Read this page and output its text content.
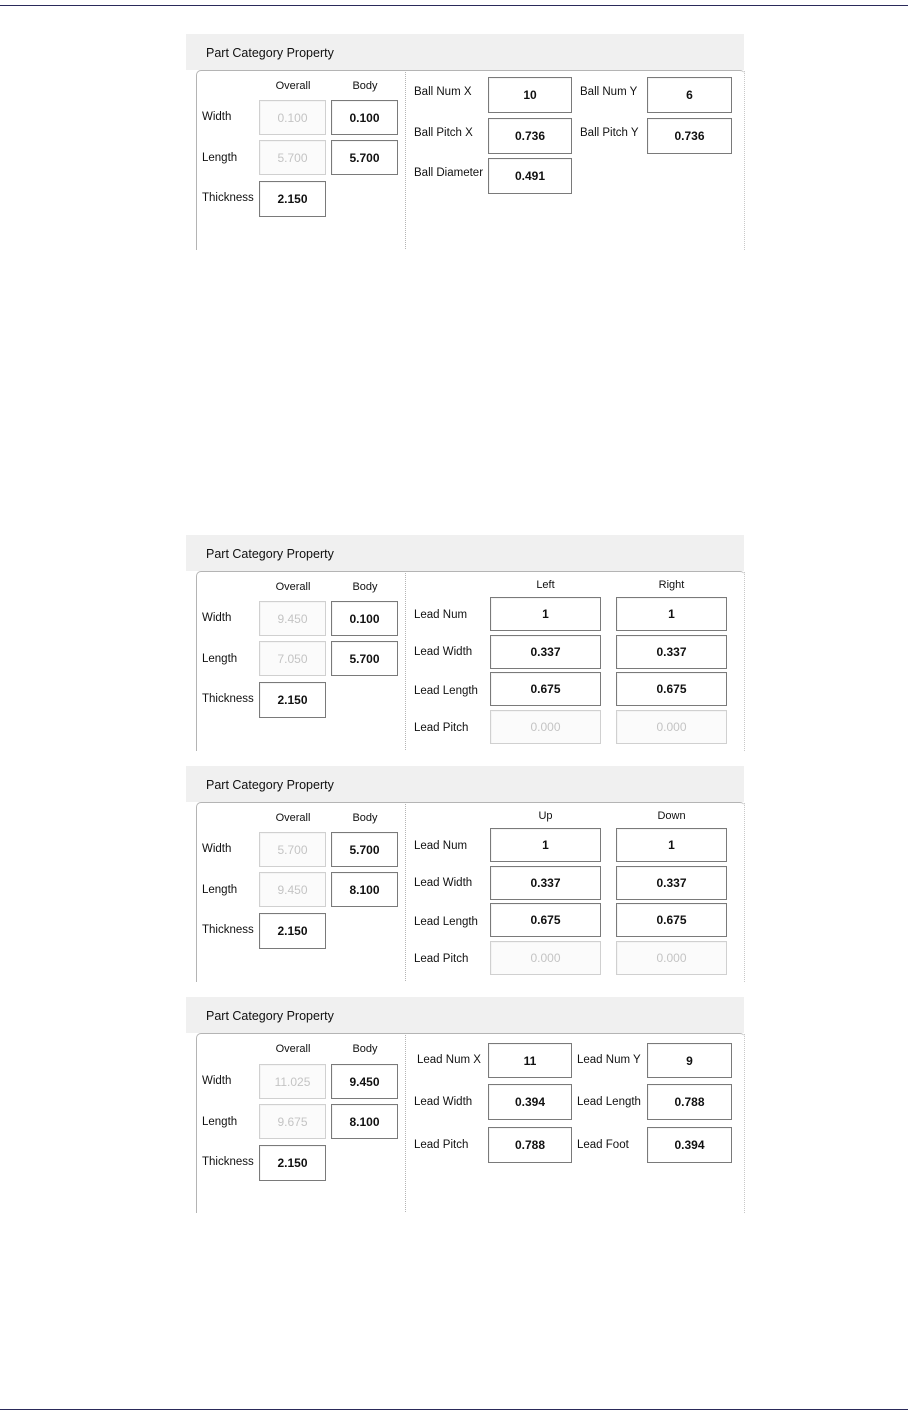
Part Category Property
Overall	Body
Width	0.100	0.100
Length	5.700	5.700
Thickness	2.150
Ball Num X	10	Ball Num Y	6
Ball Pitch X	0.736	Ball Pitch Y	0.736
Ball Diameter	0.491
Part Category Property
Overall	Body
Width	9.450	0.100
Length	7.050	5.700
Thickness	2.150
Left	Right
Lead Num	1	1
Lead Width	0.337	0.337
Lead Length	0.675	0.675
Lead Pitch	0.000	0.000
Part Category Property
Overall	Body
Width	5.700	5.700
Length	9.450	8.100
Thickness	2.150
Up	Down
Lead Num	1	1
Lead Width	0.337	0.337
Lead Length	0.675	0.675
Lead Pitch	0.000	0.000
Part Category Property
Overall	Body
Width	11.025	9.450
Length	9.675	8.100
Thickness	2.150
Lead Num X	11	Lead Num Y	9
Lead Width	0.394	Lead Length	0.788
Lead Pitch	0.788	Lead Foot	0.394
